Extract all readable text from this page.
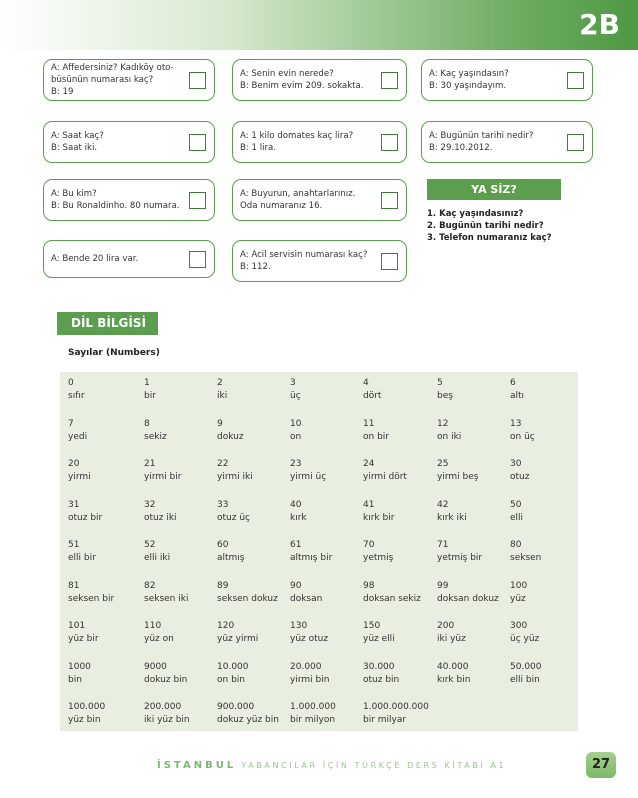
2B
A: Affedersiniz? Kadıköy oto-
büsünün numarası kaç?
B: 19
A: Senin evin nerede?
B: Benim evim 209. sokakta.
A: Kaç yaşındasın?
B: 30 yaşındayım.
A: Saat kaç?
B: Saat iki.
A: 1 kilo domates kaç lira?
B: 1 lira.
A: Bugünün tarihi nedir?
B: 29.10.2012.
A: Bu kim?
B: Bu Ronaldinho. 80 numara.
A: Buyurun, anahtarlarınız.
Oda numaranız 16.
A: Bende 20 lira var.	A: Acil servisin numarası kaç?
B: 112.
YA SİZ?
1. Kaç yaşındasınız?
2. Bugünün tarihi nedir?
3. Telefon numaranız kaç?
DİL BİLGİSİ
Sayılar (Numbers)
0
sıfır
1
bir
2
iki
3
üç
4
dört
5
beş
6
altı
7
yedi
8
sekiz
9
dokuz
10
on
11
on bir
12
on iki
13
on üç
20
yirmi
21
yirmi bir
22
yirmi iki
23
yirmi üç
24
yirmi dört
25
yirmi beş
30
otuz
31
otuz bir
32
otuz iki
33
otuz üç
40
kırk
41
kırk bir
42
kırk iki
50
elli
51
elli bir
52
elli iki
60
altmış
61
altmış bir
70
yetmiş
71
yetmiş bir
80
seksen
81
seksen bir
82
seksen iki
89
seksen dokuz
90
doksan
98
doksan sekiz
99
doksan dokuz
100
yüz
101
yüz bir
110
yüz on
120
yüz yirmi
130
yüz otuz
150
yüz elli
200
iki yüz
300
üç yüz
1000
bin
9000
dokuz bin
10.000
on bin
20.000
yirmi bin
30.000
otuz bin
40.000
kırk bin
50.000
elli bin
100.000
yüz bin
200.000
iki yüz bin
900.000
dokuz yüz bin
1.000.000
bir milyon
1.000.000.000
bir milyar
İSTANBUL YABANCILAR İÇİN TÜRKÇE DERS KİTABI A1	27
